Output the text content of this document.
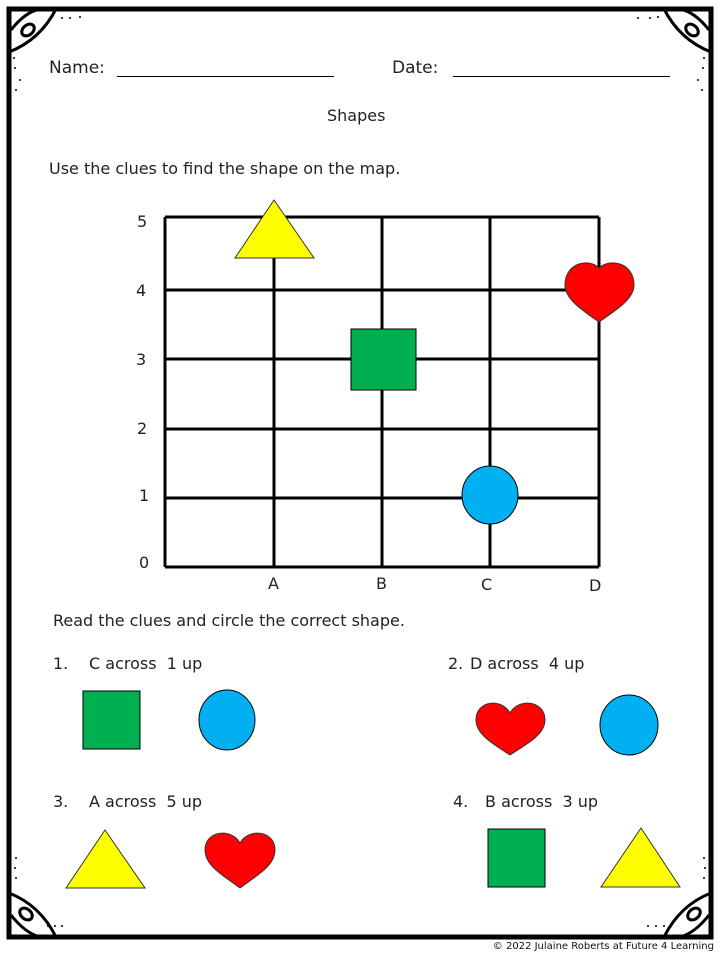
Name:	Date:
Shapes
Use the clues to find the shape on the map.
5
4
3
2
1
0
A	B	C	D
Read the clues and circle the correct shape.
1. C across  1 up	2. D across  4 up
3. A across  5 up	4. B across  3 up
© 2022 Julaine Roberts at Future 4 Learning
